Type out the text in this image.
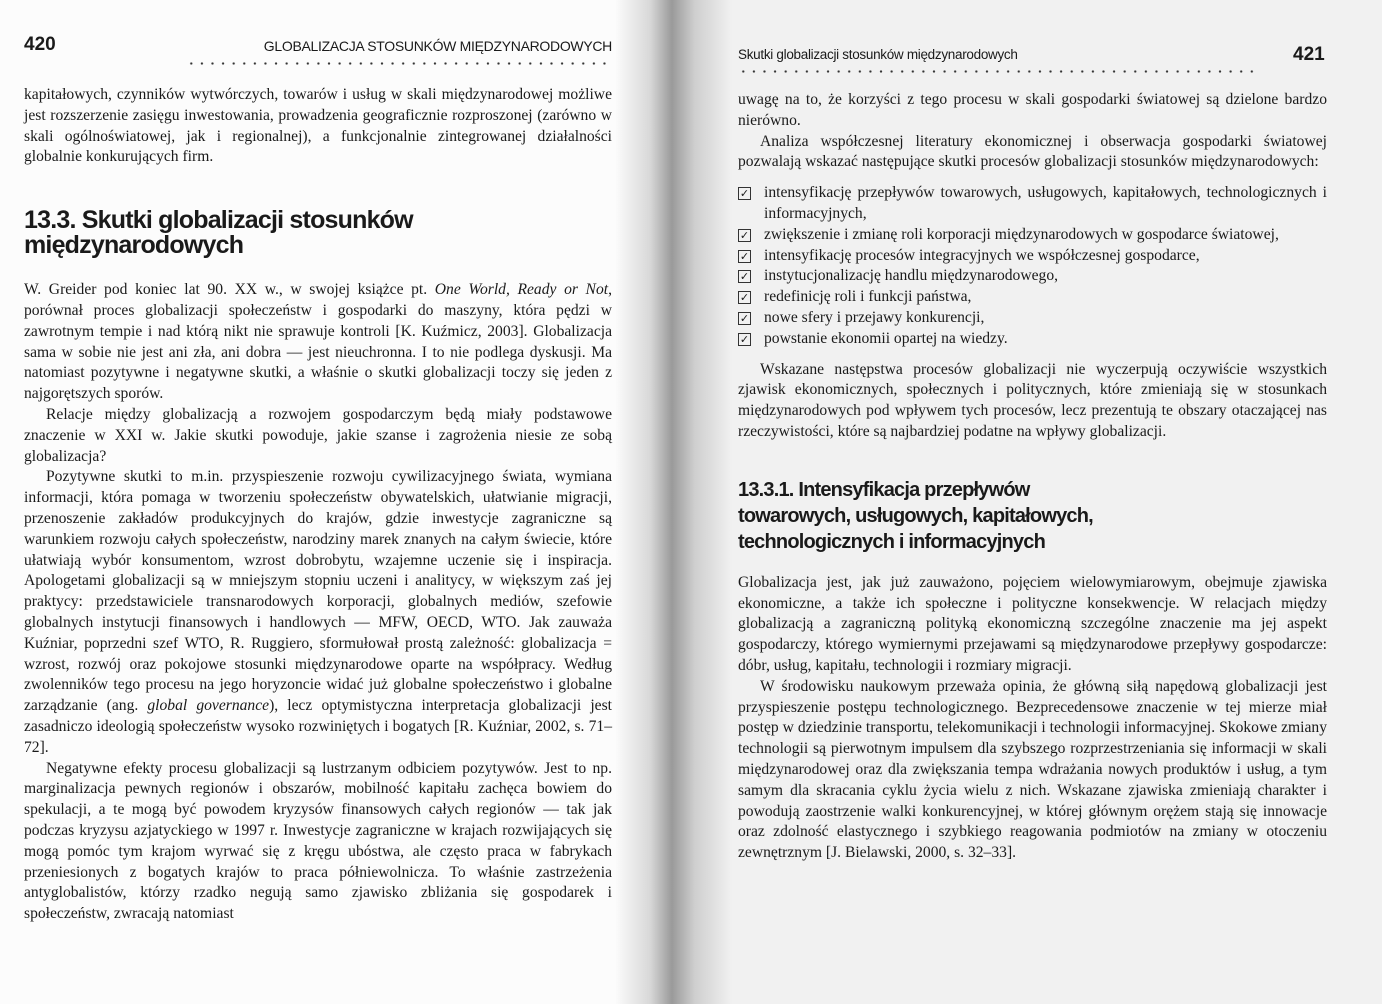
420	GLOBALIZACJA STOSUNKÓW MIĘDZYNARODOWYCH

kapitałowych, czynników wytwórczych, towarów i usług w skali międzynarodowej możliwe jest rozszerzenie zasięgu inwestowania, prowadzenia geograficznie rozproszonej (zarówno w skali ogólnoświatowej, jak i regionalnej), a funkcjonalnie zintegrowanej działalności globalnie konkurujących firm.

13.3. Skutki globalizacji stosunków międzynarodowych

W. Greider pod koniec lat 90. XX w., w swojej książce pt. One World, Ready or Not, porównał proces globalizacji społeczeństw i gospodarki do maszyny, która pędzi w zawrotnym tempie i nad którą nikt nie sprawuje kontroli [K. Kuźmicz, 2003]. Globalizacja sama w sobie nie jest ani zła, ani dobra — jest nieuchronna. I to nie podlega dyskusji. Ma natomiast pozytywne i negatywne skutki, a właśnie o skutki globalizacji toczy się jeden z najgorętszych sporów.

Relacje między globalizacją a rozwojem gospodarczym będą miały podstawowe znaczenie w XXI w. Jakie skutki powoduje, jakie szanse i zagrożenia niesie ze sobą globalizacja?

Pozytywne skutki to m.in. przyspieszenie rozwoju cywilizacyjnego świata, wymiana informacji, która pomaga w tworzeniu społeczeństw obywatelskich, ułatwianie migracji, przenoszenie zakładów produkcyjnych do krajów, gdzie inwestycje zagraniczne są warunkiem rozwoju całych społeczeństw, narodziny marek znanych na całym świecie, które ułatwiają wybór konsumentom, wzrost dobrobytu, wzajemne uczenie się i inspiracja. Apologetami globalizacji są w mniejszym stopniu uczeni i analitycy, w większym zaś jej praktycy: przedstawiciele transnarodowych korporacji, globalnych mediów, szefowie globalnych instytucji finansowych i handlowych — MFW, OECD, WTO. Jak zauważa Kuźniar, poprzedni szef WTO, R. Ruggiero, sformułował prostą zależność: globalizacja = wzrost, rozwój oraz pokojowe stosunki międzynarodowe oparte na współpracy. Według zwolenników tego procesu na jego horyzoncie widać już globalne społeczeństwo i globalne zarządzanie (ang. global governance), lecz optymistyczna interpretacja globalizacji jest zasadniczo ideologią społeczeństw wysoko rozwiniętych i bogatych [R. Kuźniar, 2002, s. 71–72].

Negatywne efekty procesu globalizacji są lustrzanym odbiciem pozytywów. Jest to np. marginalizacja pewnych regionów i obszarów, mobilność kapitału zachęca bowiem do spekulacji, a te mogą być powodem kryzysów finansowych całych regionów — tak jak podczas kryzysu azjatyckiego w 1997 r. Inwestycje zagraniczne w krajach rozwijających się mogą pomóc tym krajom wyrwać się z kręgu ubóstwa, ale często praca w fabrykach przeniesionych z bogatych krajów to praca półniewolnicza. To właśnie zastrzeżenia antyglobalistów, którzy rzadko negują samo zjawisko zbliżania się gospodarek i społeczeństw, zwracają natomiast

Skutki globalizacji stosunków międzynarodowych	421

uwagę na to, że korzyści z tego procesu w skali gospodarki światowej są dzielone bardzo nierówno.

Analiza współczesnej literatury ekonomicznej i obserwacja gospodarki światowej pozwalają wskazać następujące skutki procesów globalizacji stosunków międzynarodowych:

✓ intensyfikację przepływów towarowych, usługowych, kapitałowych, technologicznych i informacyjnych,
✓ zwiększenie i zmianę roli korporacji międzynarodowych w gospodarce światowej,
✓ intensyfikację procesów integracyjnych we współczesnej gospodarce,
✓ instytucjonalizację handlu międzynarodowego,
✓ redefinicję roli i funkcji państwa,
✓ nowe sfery i przejawy konkurencji,
✓ powstanie ekonomii opartej na wiedzy.

Wskazane następstwa procesów globalizacji nie wyczerpują oczywiście wszystkich zjawisk ekonomicznych, społecznych i politycznych, które zmieniają się w stosunkach międzynarodowych pod wpływem tych procesów, lecz prezentują te obszary otaczającej nas rzeczywistości, które są najbardziej podatne na wpływy globalizacji.

13.3.1. Intensyfikacja przepływów towarowych, usługowych, kapitałowych, technologicznych i informacyjnych

Globalizacja jest, jak już zauważono, pojęciem wielowymiarowym, obejmuje zjawiska ekonomiczne, a także ich społeczne i polityczne konsekwencje. W relacjach między globalizacją a zagraniczną polityką ekonomiczną szczególne znaczenie ma jej aspekt gospodarczy, którego wymiernymi przejawami są międzynarodowe przepływy gospodarcze: dóbr, usług, kapitału, technologii i rozmiary migracji.

W środowisku naukowym przeważa opinia, że główną siłą napędową globalizacji jest przyspieszenie postępu technologicznego. Bezprecedensowe znaczenie w tej mierze miał postęp w dziedzinie transportu, telekomunikacji i technologii informacyjnej. Skokowe zmiany technologii są pierwotnym impulsem dla szybszego rozprzestrzeniania się informacji w skali międzynarodowej oraz dla zwiększania tempa wdrażania nowych produktów i usług, a tym samym dla skracania cyklu życia wielu z nich. Wskazane zjawiska zmieniają charakter i powodują zaostrzenie walki konkurencyjnej, w której głównym orężem stają się innowacje oraz zdolność elastycznego i szybkiego reagowania podmiotów na zmiany w otoczeniu zewnętrznym [J. Bielawski, 2000, s. 32–33].
